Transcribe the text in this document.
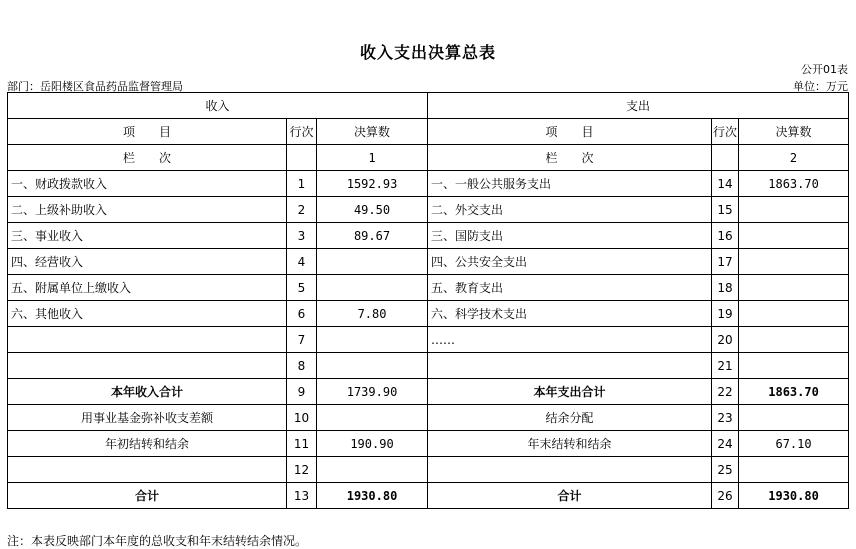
收入支出决算总表
公开01表
部门：岳阳楼区食品药品监督管理局	单位：万元
收入			支出		
项　　目	行次	决算数	项　　目	行次	决算数
栏　　次		1	栏　　次		2
一、财政拨款收入	1	1592.93	一、一般公共服务支出	14	1863.70
二、上级补助收入	2	49.50	二、外交支出	15	
三、事业收入	3	89.67	三、国防支出	16	
四、经营收入	4		四、公共安全支出	17	
五、附属单位上缴收入	5		五、教育支出	18	
六、其他收入	6	7.80	六、科学技术支出	19	
	7		……	20	
	8			21	
本年收入合计	9	1739.90	本年支出合计	22	1863.70
用事业基金弥补收支差额	10		结余分配	23	
年初结转和结余	11	190.90	年末结转和结余	24	67.10
	12			25	
合计	13	1930.80	合计	26	1930.80
注：本表反映部门本年度的总收支和年末结转结余情况。
